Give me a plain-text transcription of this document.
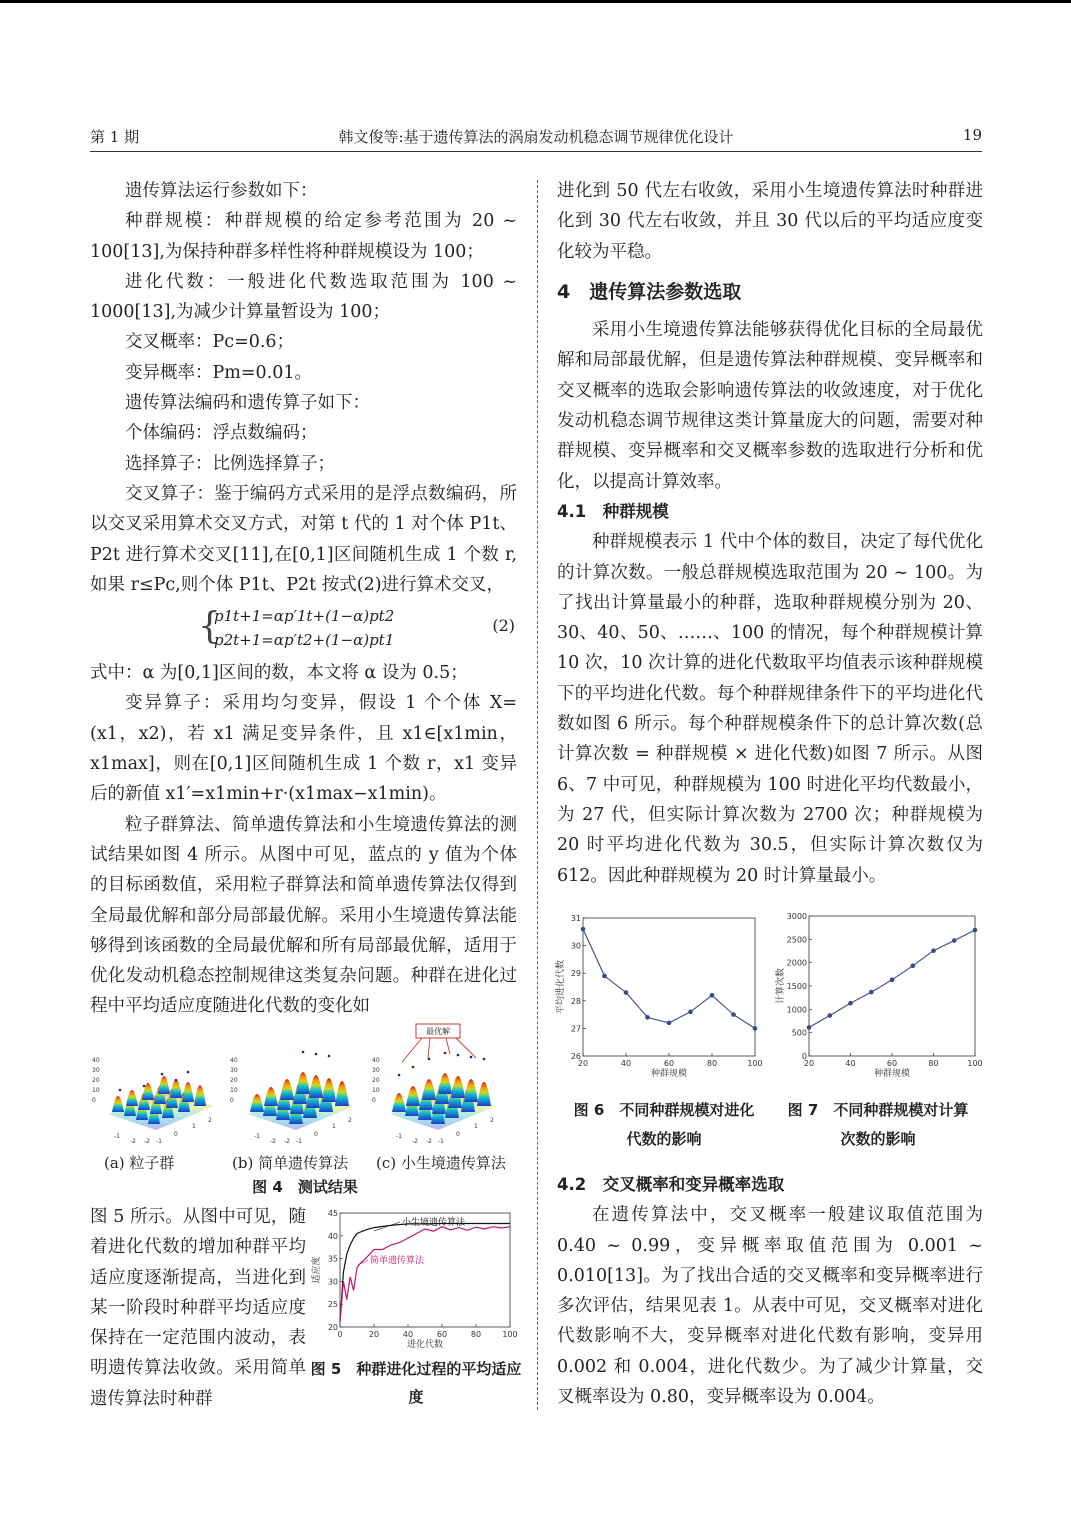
第 1 期	韩文俊等:基于遗传算法的涡扇发动机稳态调节规律优化设计	19

遗传算法运行参数如下：

种群规模：种群规模的给定参考范围为 20 ~ 100[13],为保持种群多样性将种群规模设为 100；

进化代数：一般进化代数选取范围为 100 ~ 1000[13],为减少计算量暂设为 100；

交叉概率：Pc=0.6；

变异概率：Pm=0.01。

遗传算法编码和遗传算子如下：

个体编码：浮点数编码；

选择算子：比例选择算子；

交叉算子：鉴于编码方式采用的是浮点数编码，所以交叉采用算术交叉方式，对第 t 代的 1 对个体 P1t、P2t 进行算术交叉[11],在[0,1]区间随机生成 1 个数 r,如果 r≤Pc,则个体 P1t、P2t 按式(2)进行算术交叉，

{
p1t+1=αp′1t+(1−α)pt2
p2t+1=αp′t2+(1−α)pt1
(2)

式中：α 为[0,1]区间的数，本文将 α 设为 0.5；

变异算子：采用均匀变异，假设 1 个个体 X=(x1，x2)，若 x1 满足变异条件，且 x1∈[x1min，x1max]，则在[0,1]区间随机生成 1 个数 r，x1 变异后的新值 x1′=x1min+r·(x1max−x1min)。

粒子群算法、简单遗传算法和小生境遗传算法的测试结果如图 4 所示。从图中可见，蓝点的 y 值为个体的目标函数值，采用粒子群算法和简单遗传算法仅得到全局最优解和部分局部最优解。采用小生境遗传算法能够得到该函数的全局最优解和所有局部最优解，适用于优化发动机稳态控制规律这类复杂问题。种群在进化过程中平均适应度随进化代数的变化如

40
30
20
10
0
-1
-2 -2 -1
0
1
2
40
30
20
10
0
-1
-2 -2 -1
0
1
2
最优解
40
30
20
10
0
-1
-2 -2 -1
0
1
2
(a) 粒子群	(b) 简单遗传算法 (c) 小生境遗传算法
图 4　测试结果

图 5 所示。从图中可见，随着进化代数的增加种群平均适应度逐渐提高，当进化到某一阶段时种群平均适应度保持在一定范围内波动，表明遗传算法收敛。采用简单遗传算法时种群

0	20	40	60	80	100
20
25
30
35
40
45
进化代数
适应度
小生境遗传算法
简单遗传算法
图 5　种群进化过程的平均适应度

进化到 50 代左右收敛，采用小生境遗传算法时种群进化到 30 代左右收敛，并且 30 代以后的平均适应度变化较为平稳。

4　遗传算法参数选取

采用小生境遗传算法能够获得优化目标的全局最优解和局部最优解，但是遗传算法种群规模、变异概率和交叉概率的选取会影响遗传算法的收敛速度，对于优化发动机稳态调节规律这类计算量庞大的问题，需要对种群规模、变异概率和交叉概率参数的选取进行分析和优化，以提高计算效率。

4.1　种群规模

种群规模表示 1 代中个体的数目，决定了每代优化的计算次数。一般总群规模选取范围为 20 ~ 100。为了找出计算量最小的种群，选取种群规模分别为 20、30、40、50、……、100 的情况，每个种群规模计算 10 次，10 次计算的进化代数取平均值表示该种群规模下的平均进化代数。每个种群规律条件下的平均进化代数如图 6 所示。每个种群规模条件下的总计算次数(总计算次数 = 种群规模 × 进化代数)如图 7 所示。从图 6、7 中可见，种群规模为 100 时进化平均代数最小，为 27 代，但实际计算次数为 2700 次；种群规模为 20 时平均进化代数为 30.5，但实际计算次数仅为 612。因此种群规模为 20 时计算量最小。

20	40	60	80	100
26
27
28
29
30
31
种群规模
平均进化代数
20	40	60	80	100
0
500
1000
1500
2000
2500
3000
种群规模
计算次数
图 6　不同种群规模对进化
代数的影响
图 7　不同种群规模对计算
次数的影响

4.2　交叉概率和变异概率选取

在遗传算法中，交叉概率一般建议取值范围为 0.40 ~ 0.99，变异概率取值范围为 0.001 ~ 0.010[13]。为了找出合适的交叉概率和变异概率进行多次评估，结果见表 1。从表中可见，交叉概率对进化代数影响不大，变异概率对进化代数有影响，变异用 0.002 和 0.004，进化代数少。为了减少计算量，交叉概率设为 0.80，变异概率设为 0.004。
